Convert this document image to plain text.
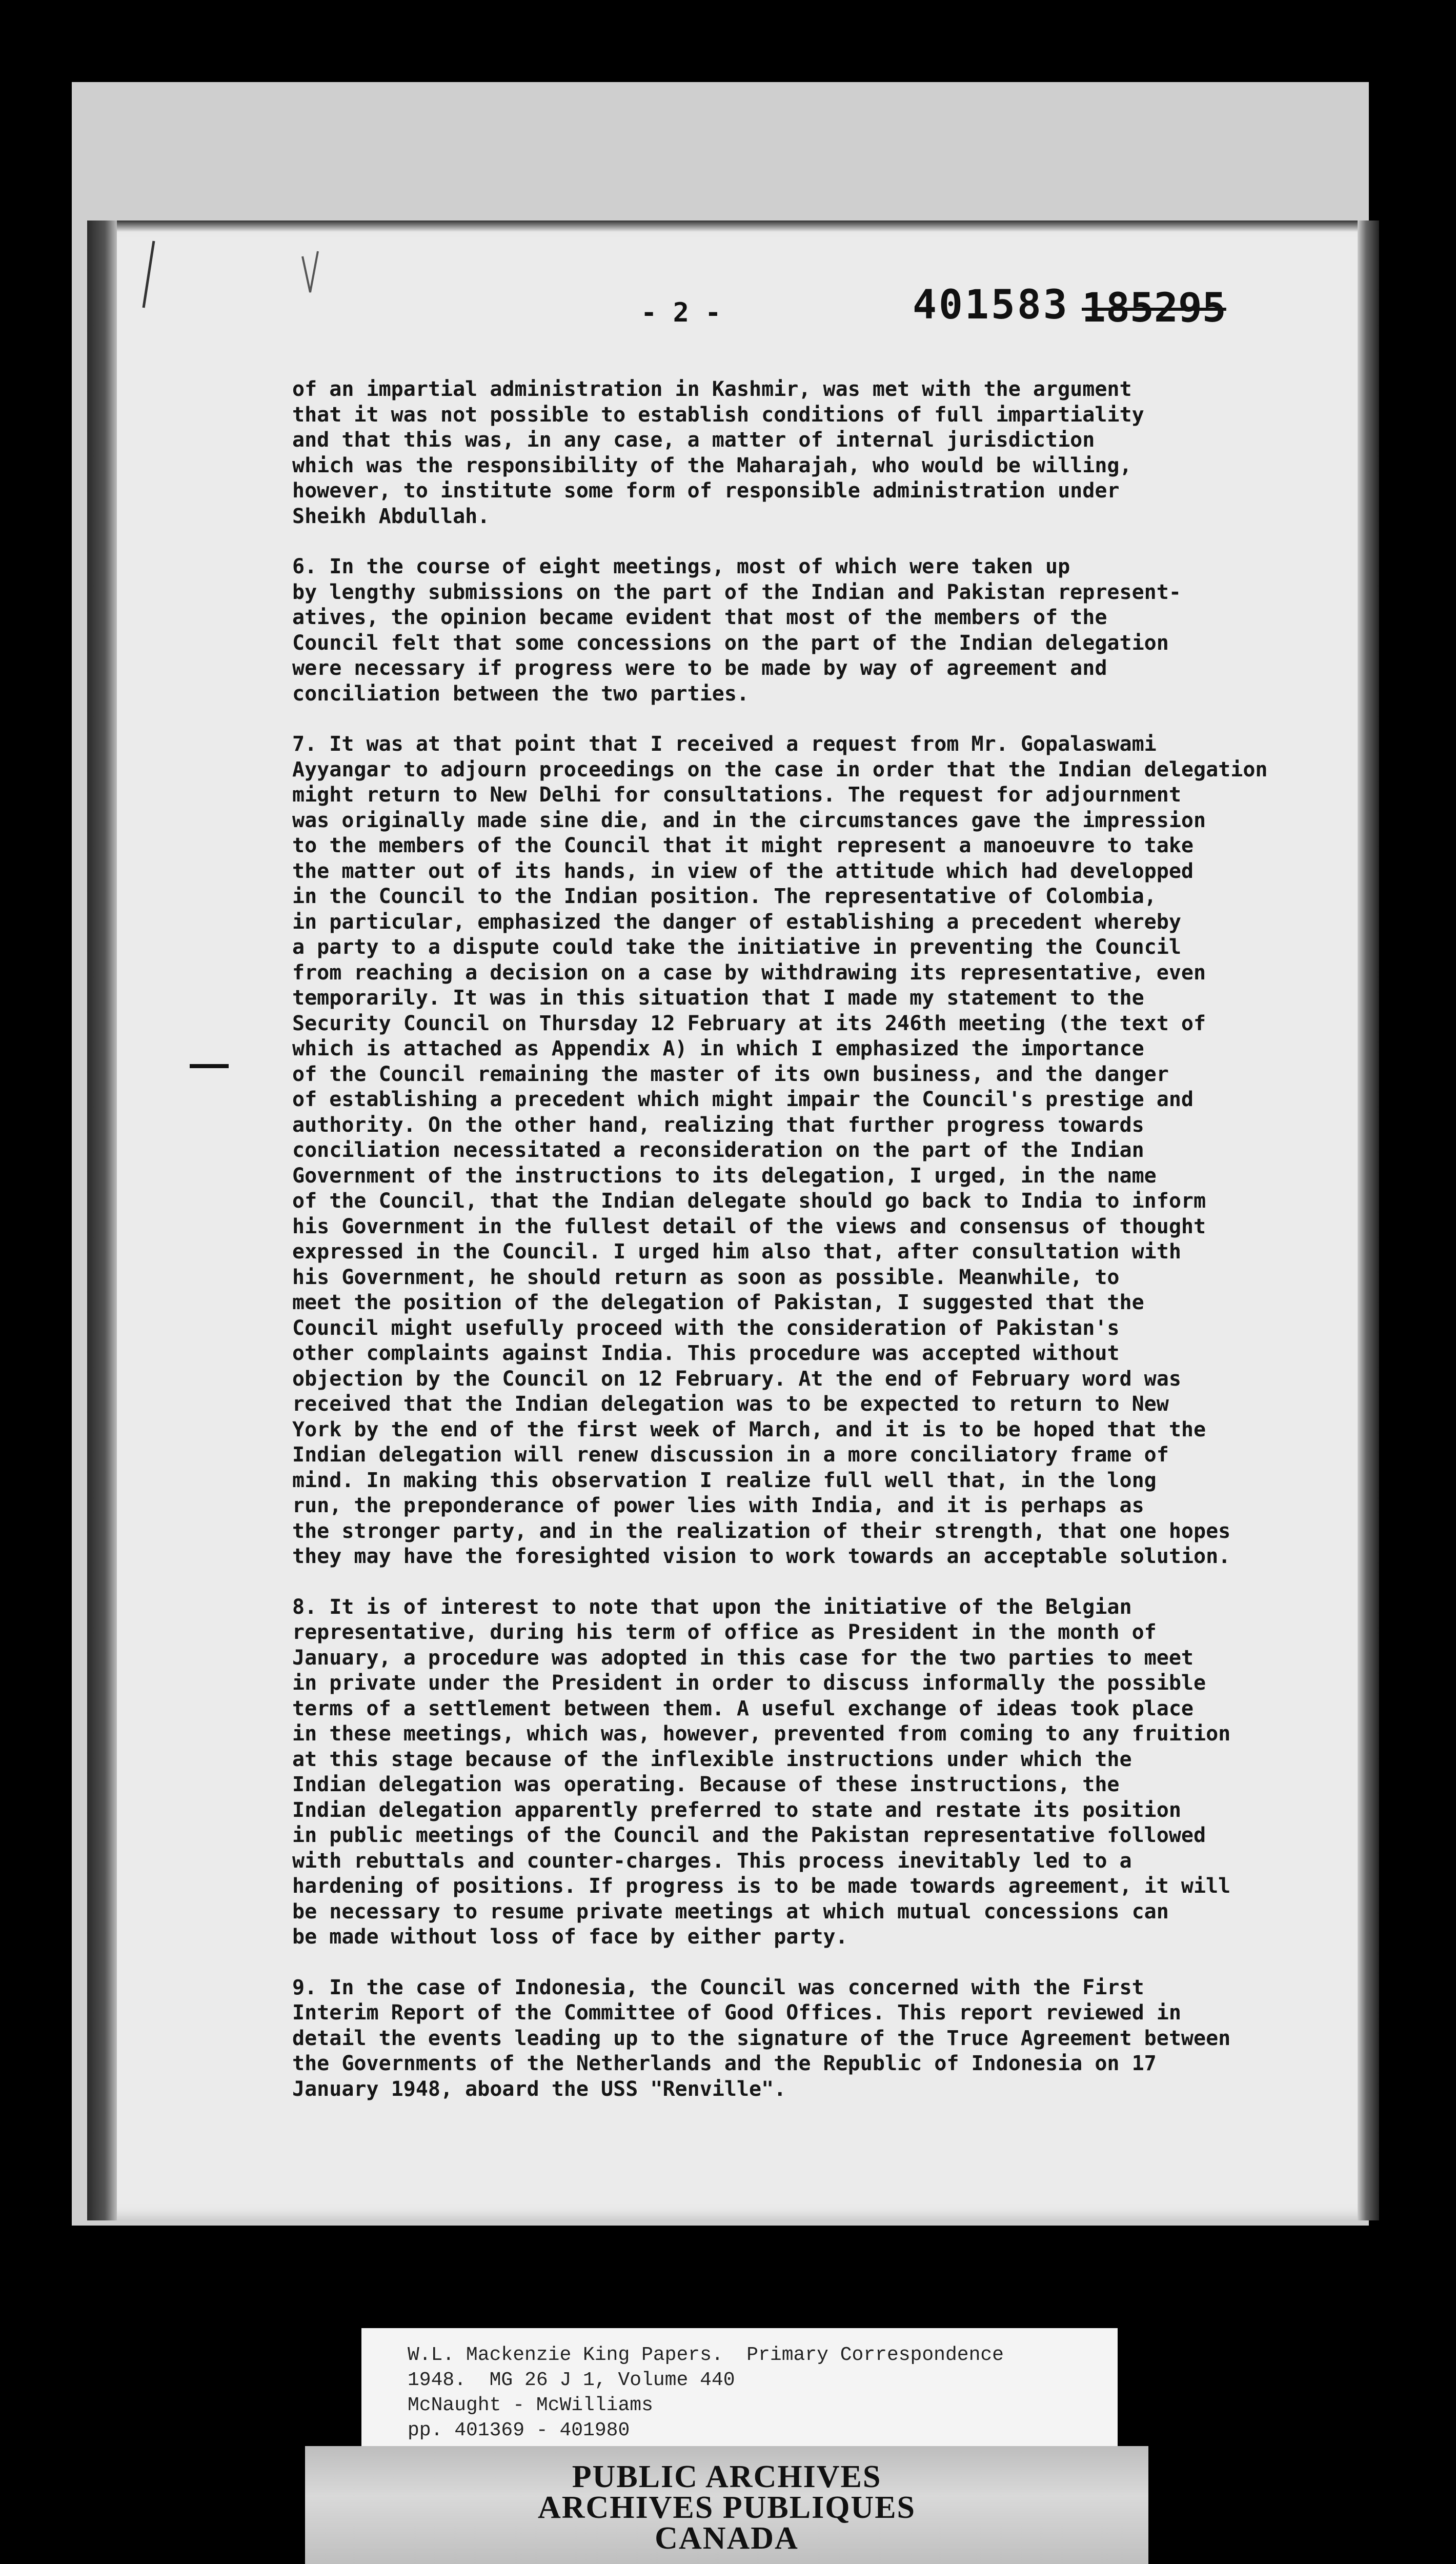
- 2 -	401583 185295

of an impartial administration in Kashmir, was met with the argument
that it was not possible to establish conditions of full impartiality
and that this was, in any case, a matter of internal jurisdiction
which was the responsibility of the Maharajah, who would be willing,
however, to institute some form of responsible administration under
Sheikh Abdullah.

6. In the course of eight meetings, most of which were taken up
by lengthy submissions on the part of the Indian and Pakistan represent-
atives, the opinion became evident that most of the members of the
Council felt that some concessions on the part of the Indian delegation
were necessary if progress were to be made by way of agreement and
conciliation between the two parties.

7. It was at that point that I received a request from Mr. Gopalaswami
Ayyangar to adjourn proceedings on the case in order that the Indian delegation
might return to New Delhi for consultations. The request for adjournment
was originally made sine die, and in the circumstances gave the impression
to the members of the Council that it might represent a manoeuvre to take
the matter out of its hands, in view of the attitude which had developped
in the Council to the Indian position. The representative of Colombia,
in particular, emphasized the danger of establishing a precedent whereby
a party to a dispute could take the initiative in preventing the Council
from reaching a decision on a case by withdrawing its representative, even
temporarily. It was in this situation that I made my statement to the
Security Council on Thursday 12 February at its 246th meeting (the text of
which is attached as Appendix A) in which I emphasized the importance
of the Council remaining the master of its own business, and the danger
of establishing a precedent which might impair the Council's prestige and
authority. On the other hand, realizing that further progress towards
conciliation necessitated a reconsideration on the part of the Indian
Government of the instructions to its delegation, I urged, in the name
of the Council, that the Indian delegate should go back to India to inform
his Government in the fullest detail of the views and consensus of thought
expressed in the Council. I urged him also that, after consultation with
his Government, he should return as soon as possible. Meanwhile, to
meet the position of the delegation of Pakistan, I suggested that the
Council might usefully proceed with the consideration of Pakistan's
other complaints against India. This procedure was accepted without
objection by the Council on 12 February. At the end of February word was
received that the Indian delegation was to be expected to return to New
York by the end of the first week of March, and it is to be hoped that the
Indian delegation will renew discussion in a more conciliatory frame of
mind. In making this observation I realize full well that, in the long
run, the preponderance of power lies with India, and it is perhaps as
the stronger party, and in the realization of their strength, that one hopes
they may have the foresighted vision to work towards an acceptable solution.

8. It is of interest to note that upon the initiative of the Belgian
representative, during his term of office as President in the month of
January, a procedure was adopted in this case for the two parties to meet
in private under the President in order to discuss informally the possible
terms of a settlement between them. A useful exchange of ideas took place
in these meetings, which was, however, prevented from coming to any fruition
at this stage because of the inflexible instructions under which the
Indian delegation was operating. Because of these instructions, the
Indian delegation apparently preferred to state and restate its position
in public meetings of the Council and the Pakistan representative followed
with rebuttals and counter-charges. This process inevitably led to a
hardening of positions. If progress is to be made towards agreement, it will
be necessary to resume private meetings at which mutual concessions can
be made without loss of face by either party.

9. In the case of Indonesia, the Council was concerned with the First
Interim Report of the Committee of Good Offices. This report reviewed in
detail the events leading up to the signature of the Truce Agreement between
the Governments of the Netherlands and the Republic of Indonesia on 17
January 1948, aboard the USS "Renville".

W.L. Mackenzie King Papers.  Primary Correspondence
1948.  MG 26 J 1, Volume 440
McNaught - McWilliams
pp. 401369 - 401980
PUBLIC ARCHIVES
ARCHIVES PUBLIQUES
CANADA
